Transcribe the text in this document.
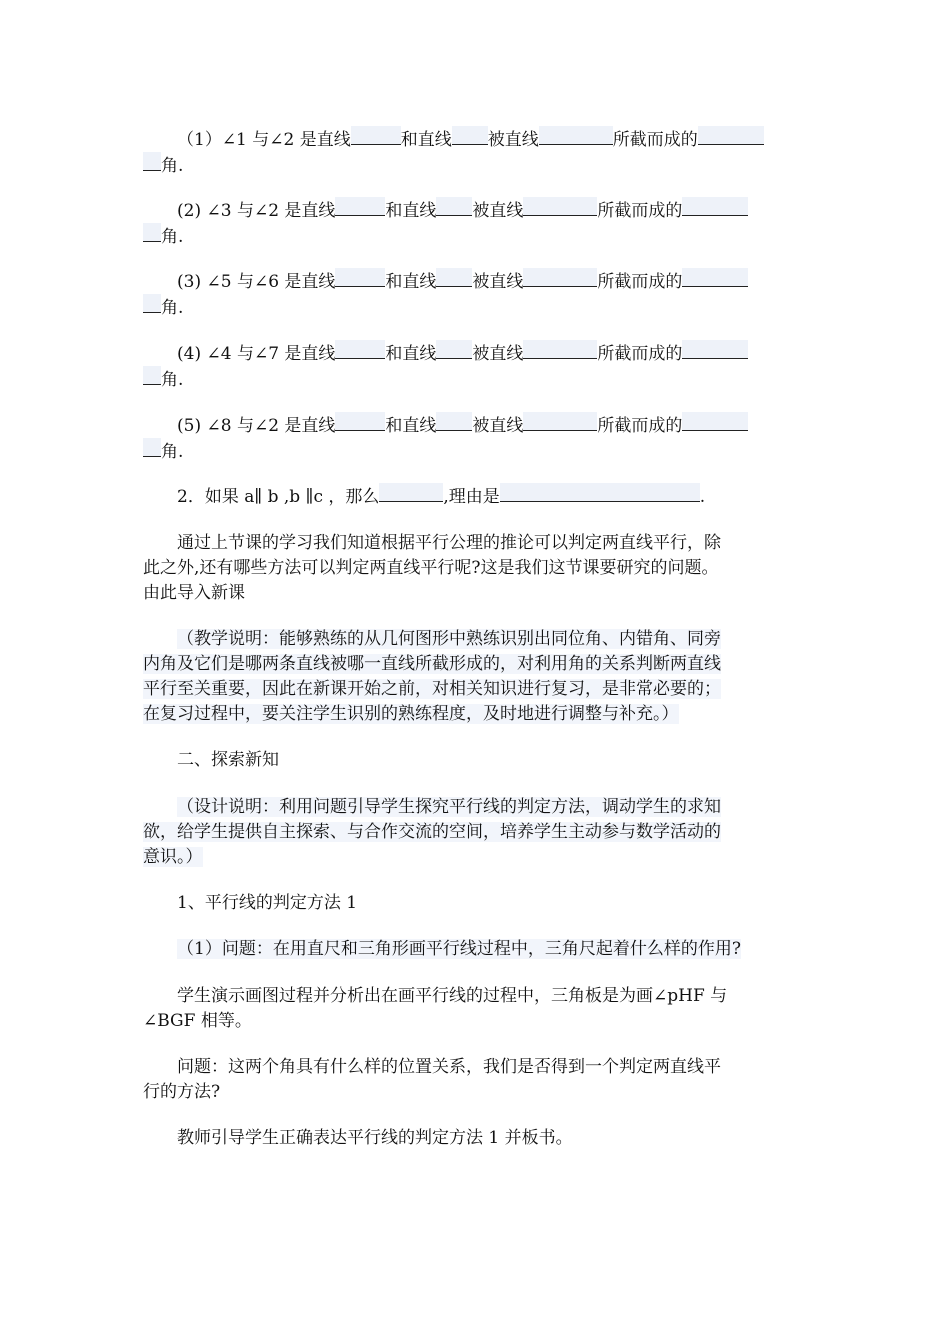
（1）∠1 与∠2 是直线	和直线 被直线	所截而成的
角.
(2) ∠3 与∠2 是直线	和直线 被直线	所截而成的
角.
(3) ∠5 与∠6 是直线	和直线 被直线	所截而成的
角.
(4) ∠4 与∠7 是直线	和直线 被直线	所截而成的
角.
(5) ∠8 与∠2 是直线	和直线 被直线	所截而成的
角.
2．如果 a∥ b ,b ∥c ，那么	,理由是	.
通过上节课的学习我们知道根据平行公理的推论可以判定两直线平行，除
此之外,还有哪些方法可以判定两直线平行呢?这是我们这节课要研究的问题。
由此导入新课
（教学说明：能够熟练的从几何图形中熟练识别出同位角、内错角、同旁
内角及它们是哪两条直线被哪一直线所截形成的，对利用角的关系判断两直线
平行至关重要，因此在新课开始之前，对相关知识进行复习，是非常必要的；
在复习过程中，要关注学生识别的熟练程度，及时地进行调整与补充。）
二、探索新知
（设计说明：利用问题引导学生探究平行线的判定方法，调动学生的求知
欲，给学生提供自主探索、与合作交流的空间，培养学生主动参与数学活动的
意识。）
1、平行线的判定方法 1
（1）问题：在用直尺和三角形画平行线过程中，三角尺起着什么样的作用?
学生演示画图过程并分析出在画平行线的过程中，三角板是为画∠pHF 与
∠BGF 相等。
问题：这两个角具有什么样的位置关系，我们是否得到一个判定两直线平
行的方法?
教师引导学生正确表达平行线的判定方法 1 并板书。
